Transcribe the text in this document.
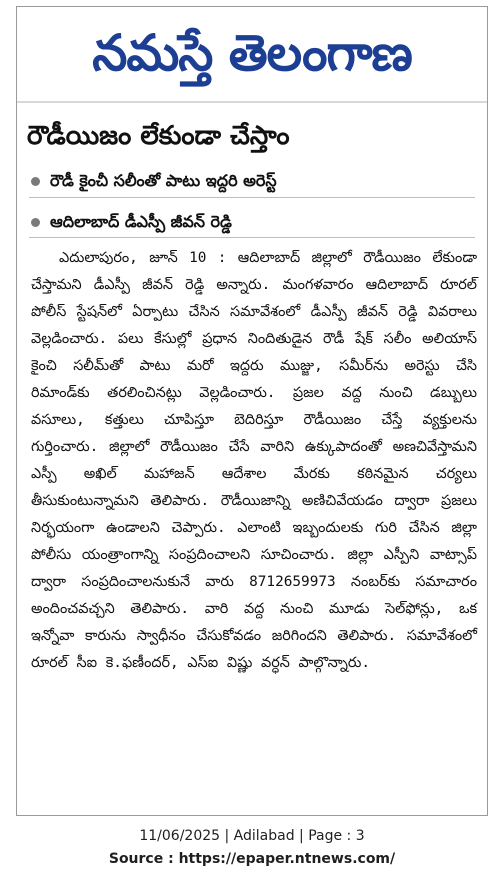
నమస్తే తెలంగాణ
రౌడీయిజం లేకుండా చేస్తాం
రౌడీ కైంచీ సలీంతో పాటు ఇద్దరి అరెస్ట్
ఆదిలాబాద్ డీఎస్పీ జీవన్ రెడ్డి

ఎదులాపురం, జూన్ 10 : ఆదిలాబాద్ జిల్లాలో రౌడీయిజం లేకుండా చేస్తామని డీఎస్పీ జీవన్ రెడ్డి అన్నారు. మంగళవారం ఆదిలాబాద్ రూరల్ పోలీస్ స్టేషన్‌లో ఏర్పాటు చేసిన సమావేశంలో డీఎస్పీ జీవన్ రెడ్డి వివరాలు వెల్లడించారు. పలు కేసుల్లో ప్రధాన నిందితుడైన రౌడీ షేక్ సలీం అలియాస్ కైంచి సలీమ్‌తో పాటు మరో ఇద్దరు ముజ్జు, సమీర్‌ను అరెస్టు చేసి రిమాండ్‌కు తరలించినట్లు వెల్లడించారు. ప్రజల వద్ద నుంచి డబ్బులు వసూలు, కత్తులు చూపిస్తూ బెదిరిస్తూ రౌడీయిజం చేస్తే వ్యక్తులను గుర్తించారు. జిల్లాలో రౌడీయిజం చేసే వారిని ఉక్కుపాదంతో అణచివేస్తామని ఎస్పీ అఖిల్ మహాజన్ ఆదేశాల మేరకు కఠినమైన చర్యలు తీసుకుంటున్నామని తెలిపారు. రౌడీయిజాన్ని అణిచివేయడం ద్వారా ప్రజలు నిర్భయంగా ఉండాలని చెప్పారు. ఎలాంటి ఇబ్బందులకు గురి చేసిన జిల్లా పోలీసు యంత్రాంగాన్ని సంప్రదించాలని సూచించారు. జిల్లా ఎస్పీని వాట్సాప్ ద్వారా సంప్రదించాలనుకునే వారు 8712659973 నంబర్‌కు సమాచారం అందించవచ్చని తెలిపారు. వారి వద్ద నుంచి మూడు సెల్‌ఫోన్లు, ఒక ఇన్నోవా కారును స్వాధీనం చేసుకోవడం జరిగిందని తెలిపారు. సమావేశంలో రూరల్ సీఐ కె.ఫణీందర్, ఎస్ఐ విష్ణు వర్ధన్ పాల్గొన్నారు.

11/06/2025 | Adilabad | Page : 3
Source : https://epaper.ntnews.com/
